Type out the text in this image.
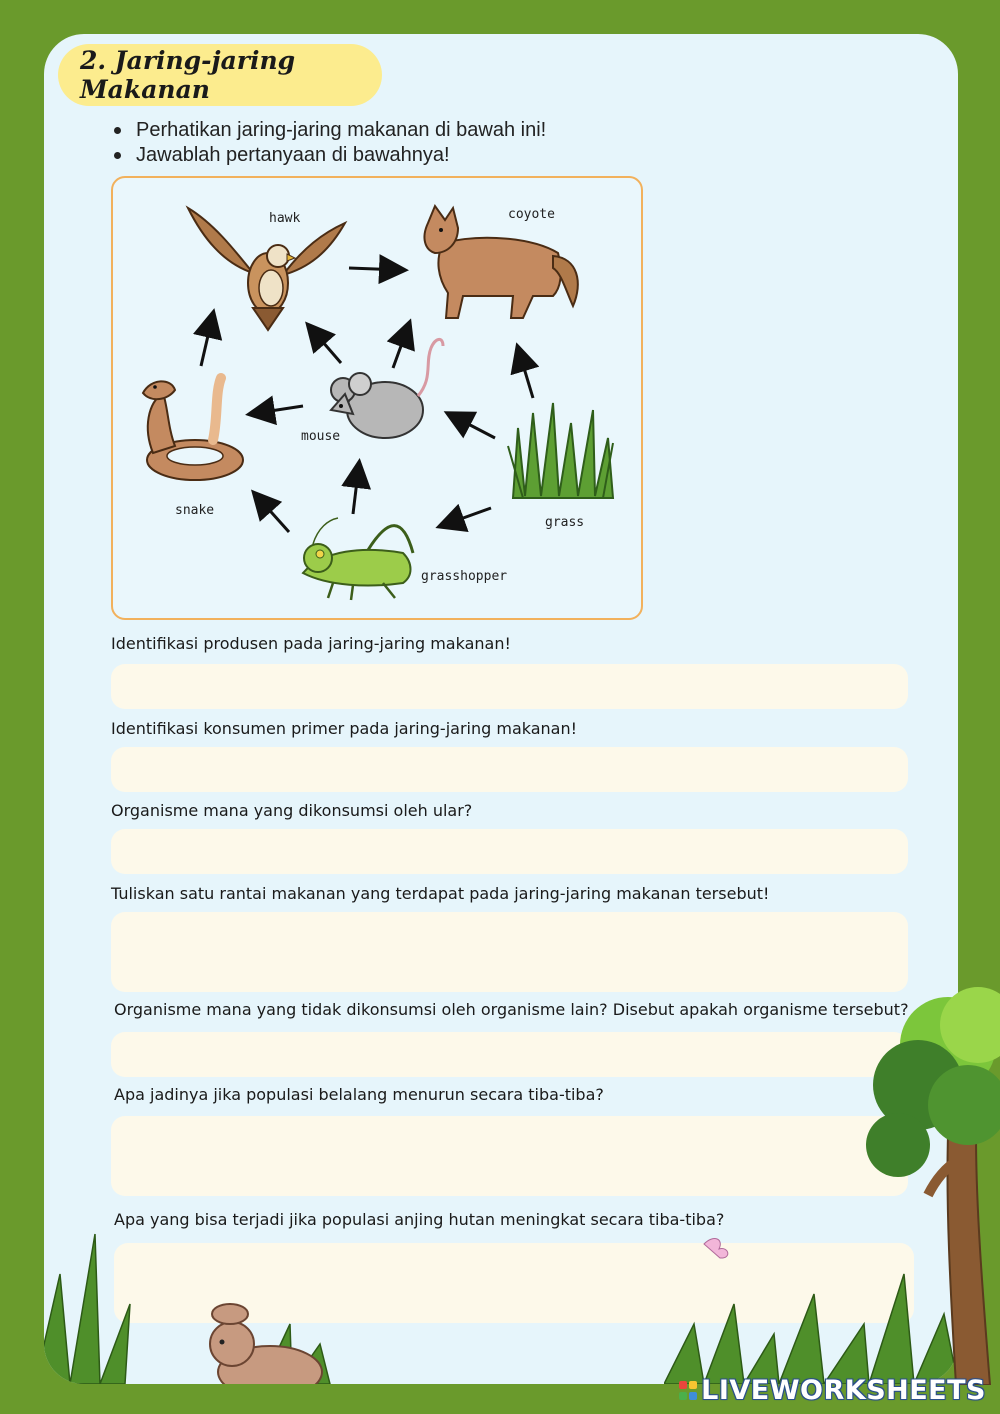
2. Jaring-jaring Makanan
Perhatikan jaring-jaring makanan di bawah ini!
Jawablah pertanyaan di bawahnya!
hawk	coyote
snake
mouse
grass
grasshopper
Identifikasi produsen pada jaring-jaring makanan!
Identifikasi konsumen primer pada jaring-jaring makanan!
Organisme mana yang dikonsumsi oleh ular?
Tuliskan satu rantai makanan yang terdapat pada jaring-jaring makanan tersebut!
Organisme mana yang tidak dikonsumsi oleh organisme lain? Disebut apakah organisme tersebut?
Apa jadinya jika populasi belalang menurun secara tiba-tiba?
Apa yang bisa terjadi jika populasi anjing hutan meningkat secara tiba-tiba?
LIVEWORKSHEETS
